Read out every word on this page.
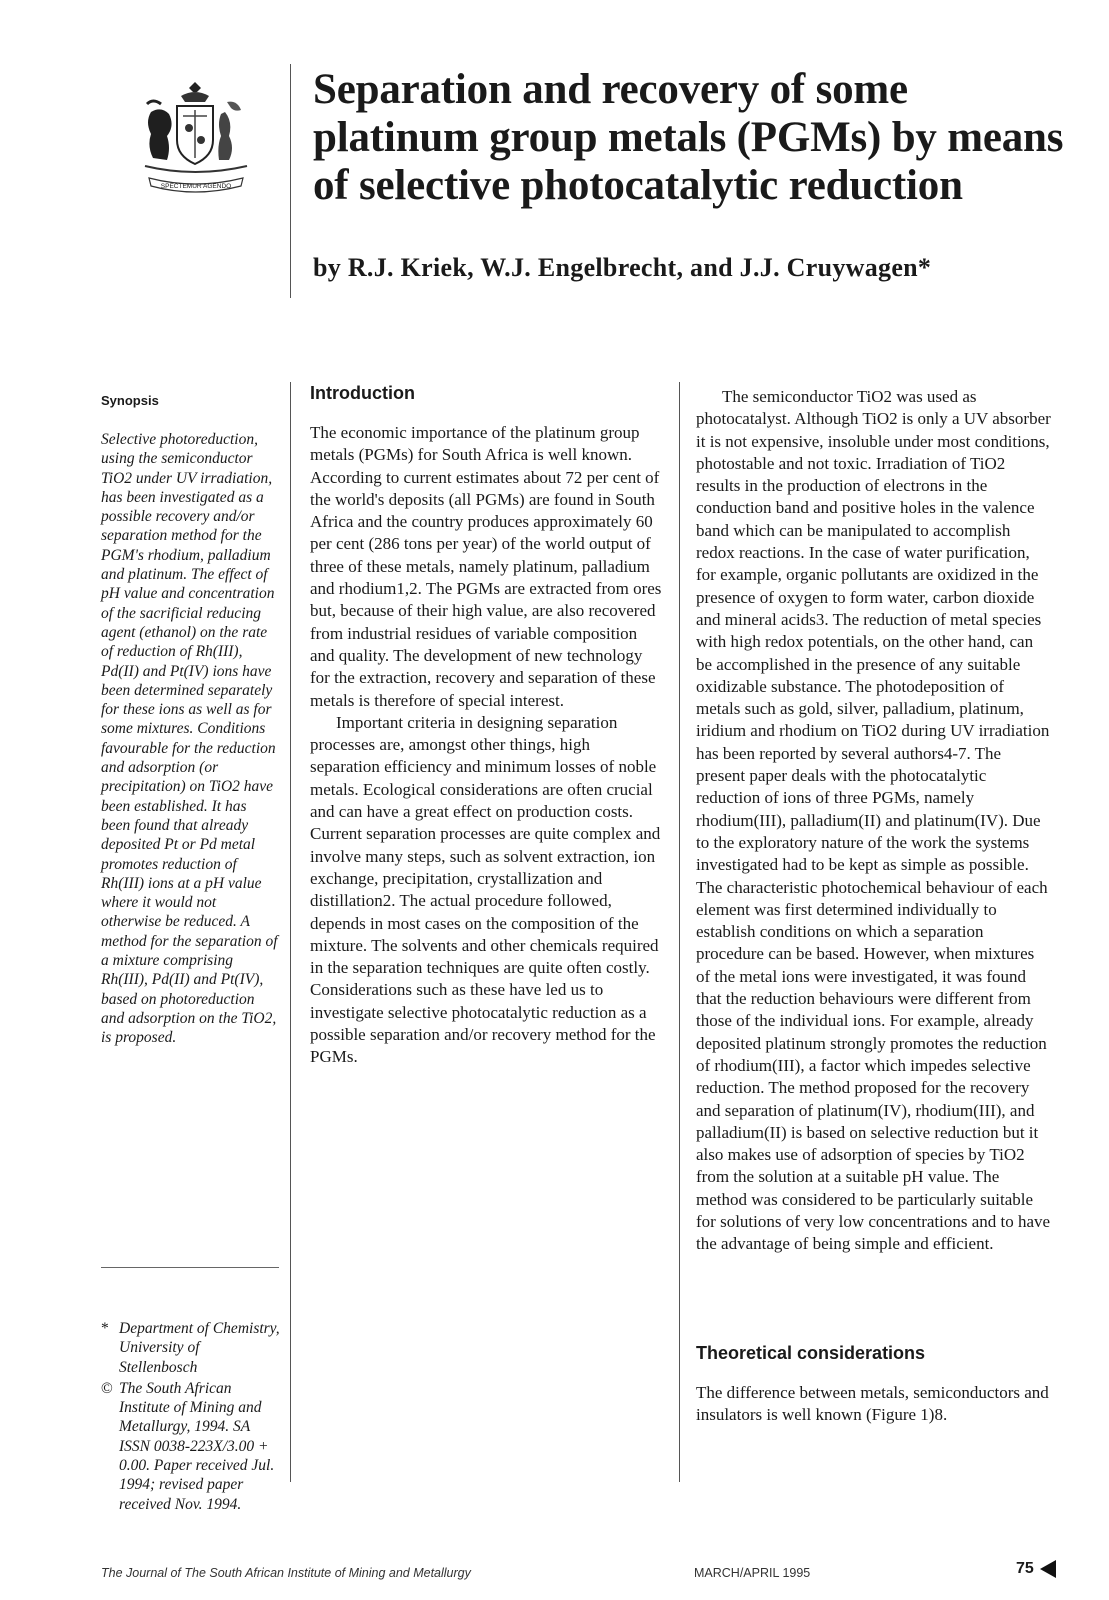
SPECTEMUR AGENDO
Separation and recovery of some platinum group metals (PGMs) by means of selective photocatalytic reduction

by R.J. Kriek, W.J. Engelbrecht, and J.J. Cruywagen*

Synopsis

Selective photoreduction, using the semiconductor TiO2 under UV irradiation, has been investigated as a possible recovery and/or separation method for the PGM's rhodium, palladium and platinum. The effect of pH value and concentration of the sacrificial reducing agent (ethanol) on the rate of reduction of Rh(III), Pd(II) and Pt(IV) ions have been determined separately for these ions as well as for some mixtures. Conditions favourable for the reduction and adsorption (or precipitation) on TiO2 have been established. It has been found that already deposited Pt or Pd metal promotes reduction of Rh(III) ions at a pH value where it would not otherwise be reduced. A method for the separation of a mixture comprising Rh(III), Pd(II) and Pt(IV), based on photoreduction and adsorption on the TiO2, is proposed.

* Department of Chemistry, University of Stellenbosch

© The South African Institute of Mining and Metallurgy, 1994. SA ISSN 0038-223X/3.00 + 0.00. Paper received Jul. 1994; revised paper received Nov. 1994.

Introduction

The economic importance of the platinum group metals (PGMs) for South Africa is well known. According to current estimates about 72 per cent of the world's deposits (all PGMs) are found in South Africa and the country produces approximately 60 per cent (286 tons per year) of the world output of three of these metals, namely platinum, palladium and rhodium1,2. The PGMs are extracted from ores but, because of their high value, are also recovered from industrial residues of variable composition and quality. The development of new technology for the extraction, recovery and separation of these metals is therefore of special interest.

Important criteria in designing separation processes are, amongst other things, high separation efficiency and minimum losses of noble metals. Ecological considerations are often crucial and can have a great effect on production costs. Current separation processes are quite complex and involve many steps, such as solvent extraction, ion exchange, precipitation, crystallization and distillation2. The actual procedure followed, depends in most cases on the composition of the mixture. The solvents and other chemicals required in the separation techniques are quite often costly. Considerations such as these have led us to investigate selective photocatalytic reduction as a possible separation and/or recovery method for the PGMs.

The semiconductor TiO2 was used as photocatalyst. Although TiO2 is only a UV absorber it is not expensive, insoluble under most conditions, photostable and not toxic. Irradiation of TiO2 results in the production of electrons in the conduction band and positive holes in the valence band which can be manipulated to accomplish redox reactions. In the case of water purification, for example, organic pollutants are oxidized in the presence of oxygen to form water, carbon dioxide and mineral acids3. The reduction of metal species with high redox potentials, on the other hand, can be accomplished in the presence of any suitable oxidizable substance. The photodeposition of metals such as gold, silver, palladium, platinum, iridium and rhodium on TiO2 during UV irradiation has been reported by several authors4-7. The present paper deals with the photocatalytic reduction of ions of three PGMs, namely rhodium(III), palladium(II) and platinum(IV). Due to the exploratory nature of the work the systems investigated had to be kept as simple as possible. The characteristic photochemical behaviour of each element was first determined individually to establish conditions on which a separation procedure can be based. However, when mixtures of the metal ions were investigated, it was found that the reduction behaviours were different from those of the individual ions. For example, already deposited platinum strongly promotes the reduction of rhodium(III), a factor which impedes selective reduction. The method proposed for the recovery and separation of platinum(IV), rhodium(III), and palladium(II) is based on selective reduction but it also makes use of adsorption of species by TiO2 from the solution at a suitable pH value. The method was considered to be particularly suitable for solutions of very low concentrations and to have the advantage of being simple and efficient.

Theoretical considerations

The difference between metals, semiconductors and insulators is well known (Figure 1)8.

The Journal of The South African Institute of Mining and Metallurgy	MARCH/APRIL 1995	75
